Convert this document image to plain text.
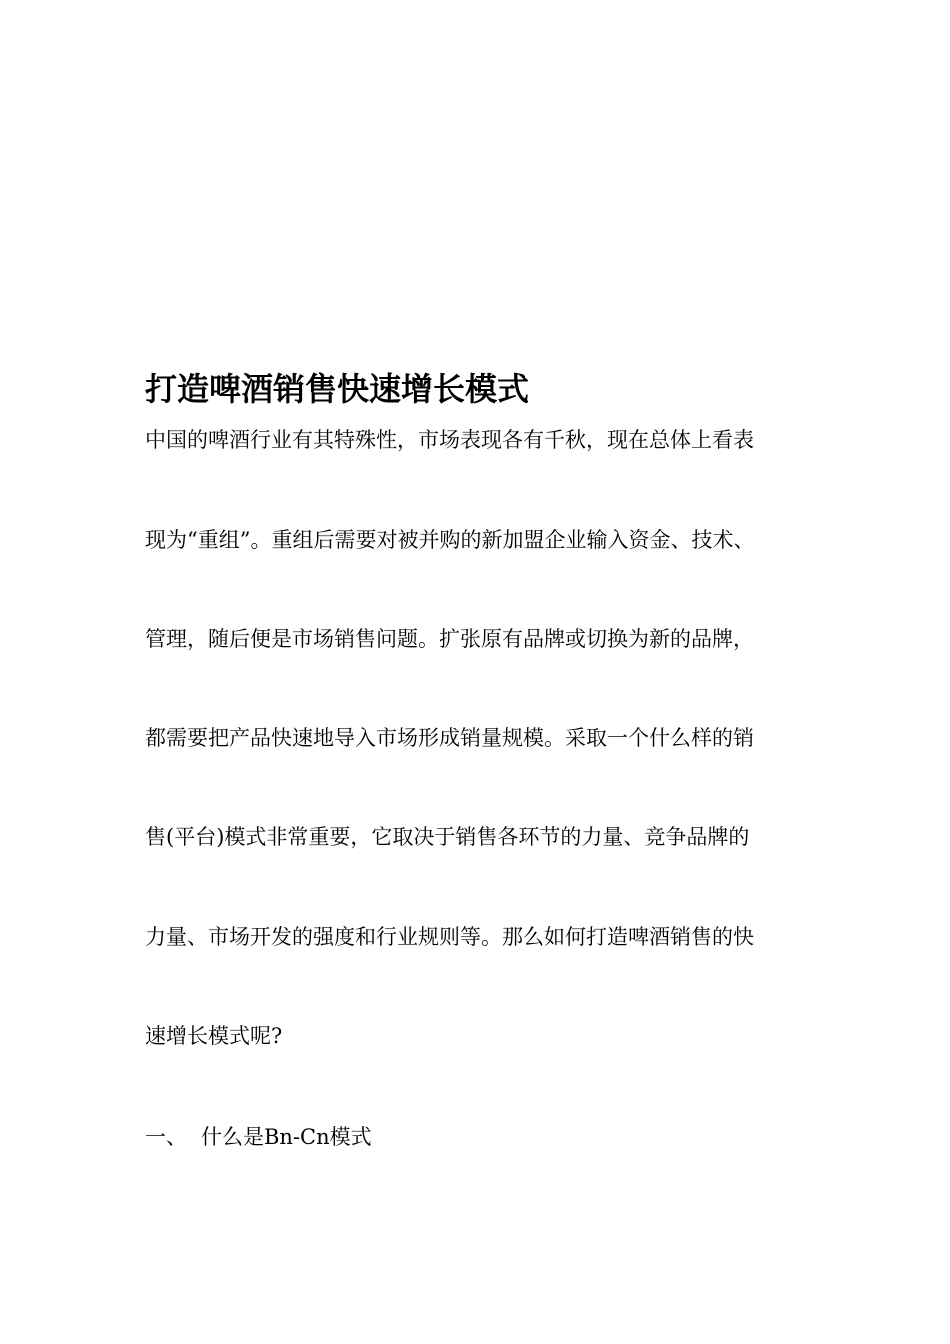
打造啤酒销售快速增长模式

中国的啤酒行业有其特殊性，市场表现各有千秋，现在总体上看表

现为“重组”。重组后需要对被并购的新加盟企业输入资金、技术、

管理，随后便是市场销售问题。扩张原有品牌或切换为新的品牌，

都需要把产品快速地导入市场形成销量规模。采取一个什么样的销

售(平台)模式非常重要，它取决于销售各环节的力量、竞争品牌的

力量、市场开发的强度和行业规则等。那么如何打造啤酒销售的快

速增长模式呢?

一、 什么是Bn-Cn模式
